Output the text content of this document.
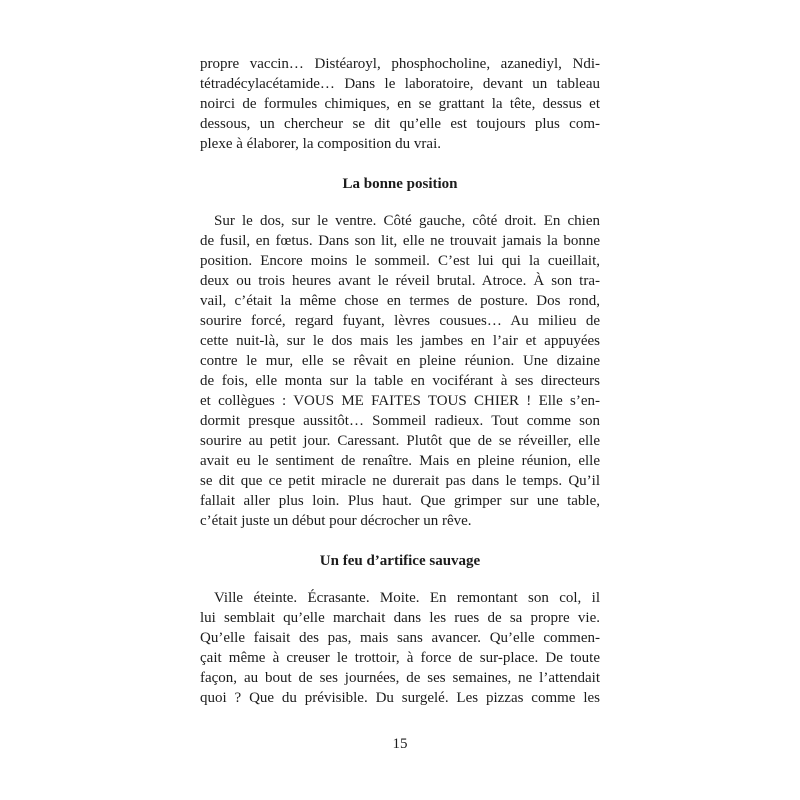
propre vaccin… Distéaroyl, phosphocholine, azanediyl, Ndi-
tétradécylacétamide… Dans le laboratoire, devant un tableau
noirci de formules chimiques, en se grattant la tête, dessus et
dessous, un chercheur se dit qu’elle est toujours plus com-
plexe à élaborer, la composition du vrai.
La bonne position
Sur le dos, sur le ventre. Côté gauche, côté droit. En chien
de fusil, en fœtus. Dans son lit, elle ne trouvait jamais la bonne
position. Encore moins le sommeil. C’est lui qui la cueillait,
deux ou trois heures avant le réveil brutal. Atroce. À son tra-
vail, c’était la même chose en termes de posture. Dos rond,
sourire forcé, regard fuyant, lèvres cousues… Au milieu de
cette nuit-là, sur le dos mais les jambes en l’air et appuyées
contre le mur, elle se rêvait en pleine réunion. Une dizaine
de fois, elle monta sur la table en vociférant à ses directeurs
et collègues : VOUS ME FAITES TOUS CHIER ! Elle s’en-
dormit presque aussitôt… Sommeil radieux. Tout comme son
sourire au petit jour. Caressant. Plutôt que de se réveiller, elle
avait eu le sentiment de renaître. Mais en pleine réunion, elle
se dit que ce petit miracle ne durerait pas dans le temps. Qu’il
fallait aller plus loin. Plus haut. Que grimper sur une table,
c’était juste un début pour décrocher un rêve.
Un feu d’artifice sauvage
Ville éteinte. Écrasante. Moite. En remontant son col, il
lui semblait qu’elle marchait dans les rues de sa propre vie.
Qu’elle faisait des pas, mais sans avancer. Qu’elle commen-
çait même à creuser le trottoir, à force de sur-place. De toute
façon, au bout de ses journées, de ses semaines, ne l’attendait
quoi ? Que du prévisible. Du surgelé. Les pizzas comme les
15
